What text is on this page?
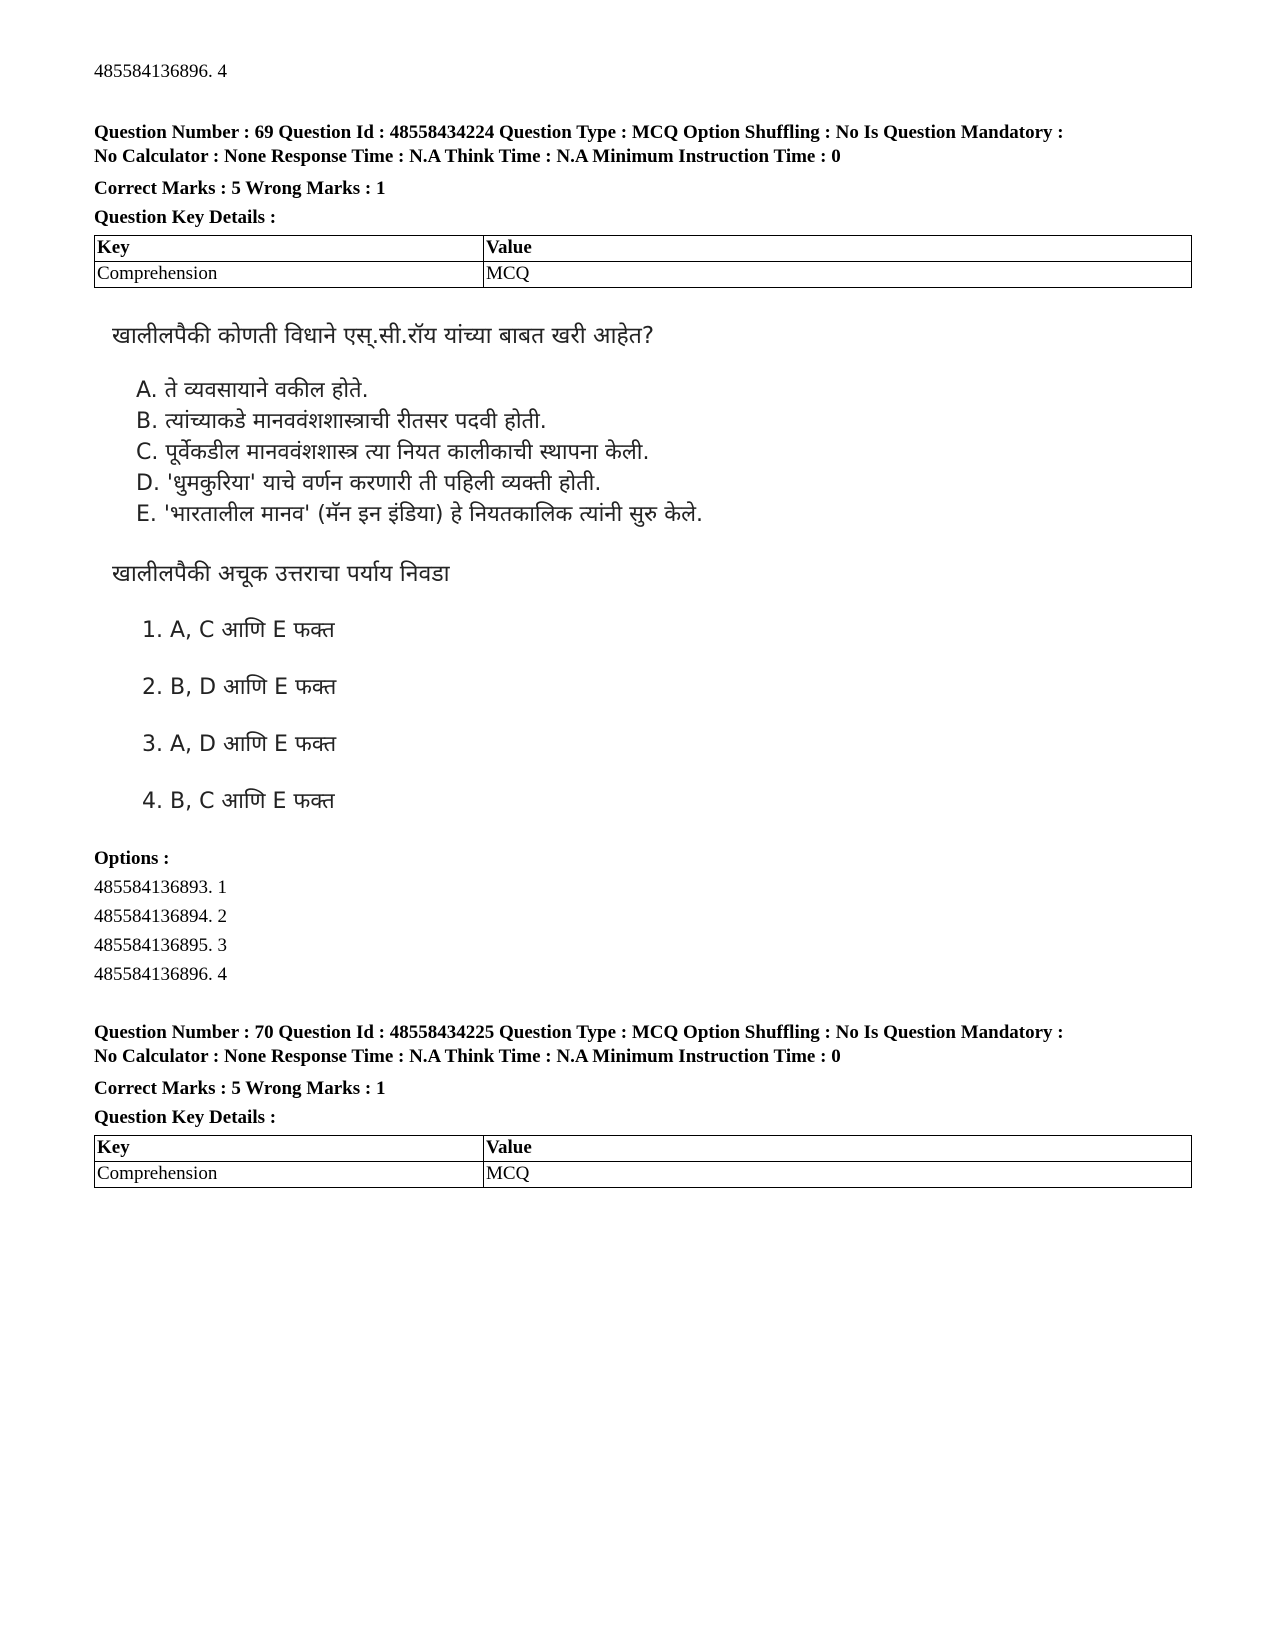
485584136896. 4
Question Number : 69 Question Id : 48558434224 Question Type : MCQ Option Shuffling : No Is Question Mandatory :
No Calculator : None Response Time : N.A Think Time : N.A Minimum Instruction Time : 0
Correct Marks : 5 Wrong Marks : 1
Question Key Details :
Key	Value
Comprehension	MCQ
खालीलपैकी कोणती विधाने एस्.सी.रॉय यांच्या बाबत खरी आहेत?
A. ते व्यवसायाने वकील होते.
B. त्यांच्याकडे मानववंशशास्त्राची रीतसर पदवी होती.
C. पूर्वेकडील मानववंशशास्त्र त्या नियत कालीकाची स्थापना केली.
D. 'धुमकुरिया' याचे वर्णन करणारी ती पहिली व्यक्ती होती.
E. 'भारतालील मानव' (मॅन इन इंडिया) हे नियतकालिक त्यांनी सुरु केले.
खालीलपैकी अचूक उत्तराचा पर्याय निवडा
1. A, C आणि E फक्त
2. B, D आणि E फक्त
3. A, D आणि E फक्त
4. B, C आणि E फक्त
Options :
485584136893. 1
485584136894. 2
485584136895. 3
485584136896. 4
Question Number : 70 Question Id : 48558434225 Question Type : MCQ Option Shuffling : No Is Question Mandatory :
No Calculator : None Response Time : N.A Think Time : N.A Minimum Instruction Time : 0
Correct Marks : 5 Wrong Marks : 1
Question Key Details :
Key	Value
Comprehension	MCQ
